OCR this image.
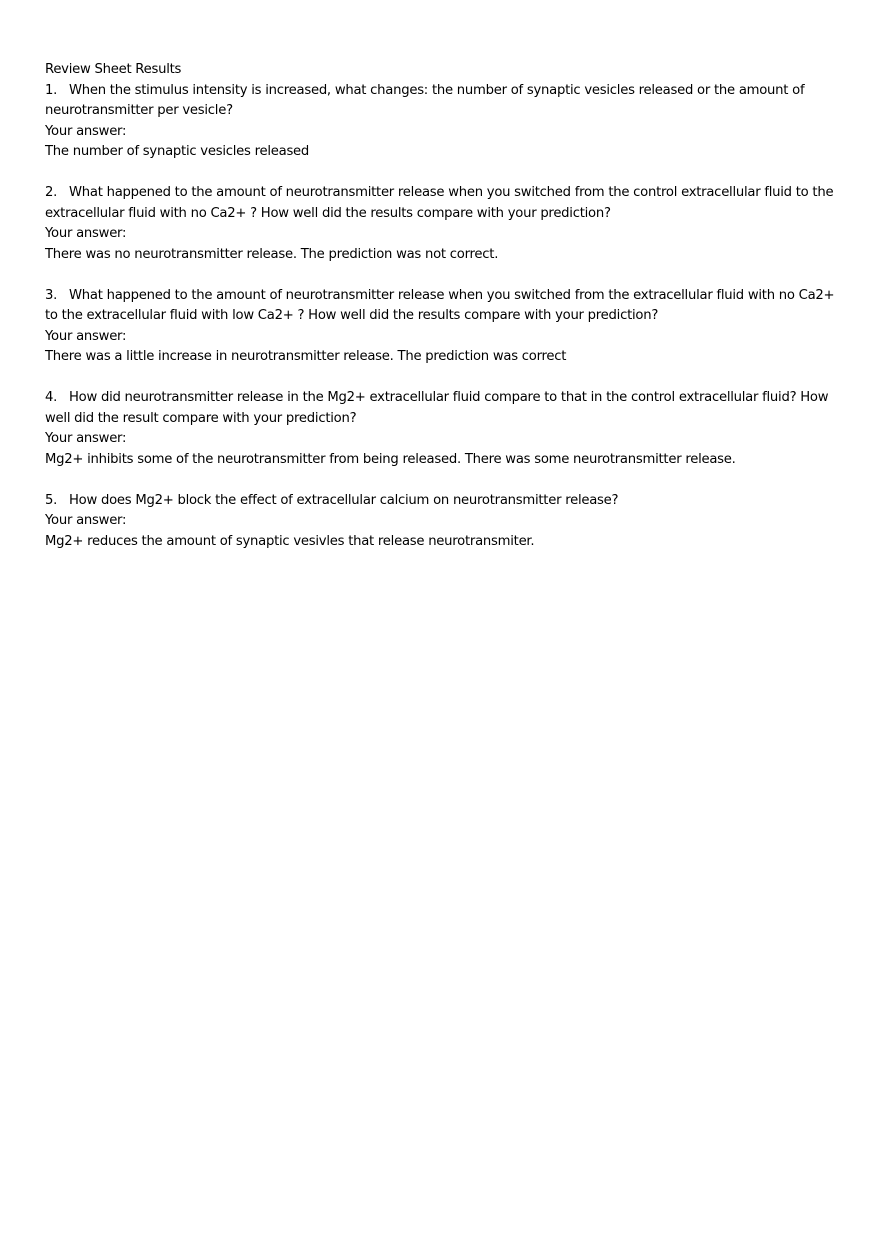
Review Sheet Results
1. When the stimulus intensity is increased, what changes: the number of synaptic vesicles released or the amount of
neurotransmitter per vesicle?
Your answer:
The number of synaptic vesicles released
2. What happened to the amount of neurotransmitter release when you switched from the control extracellular fluid to the
extracellular fluid with no Ca2+ ? How well did the results compare with your prediction?
Your answer:
There was no neurotransmitter release. The prediction was not correct.
3. What happened to the amount of neurotransmitter release when you switched from the extracellular fluid with no Ca2+
to the extracellular fluid with low Ca2+ ? How well did the results compare with your prediction?
Your answer:
There was a little increase in neurotransmitter release. The prediction was correct
4. How did neurotransmitter release in the Mg2+ extracellular fluid compare to that in the control extracellular fluid? How
well did the result compare with your prediction?
Your answer:
Mg2+ inhibits some of the neurotransmitter from being released. There was some neurotransmitter release.
5. How does Mg2+ block the effect of extracellular calcium on neurotransmitter release?
Your answer:
Mg2+ reduces the amount of synaptic vesivles that release neurotransmiter.
